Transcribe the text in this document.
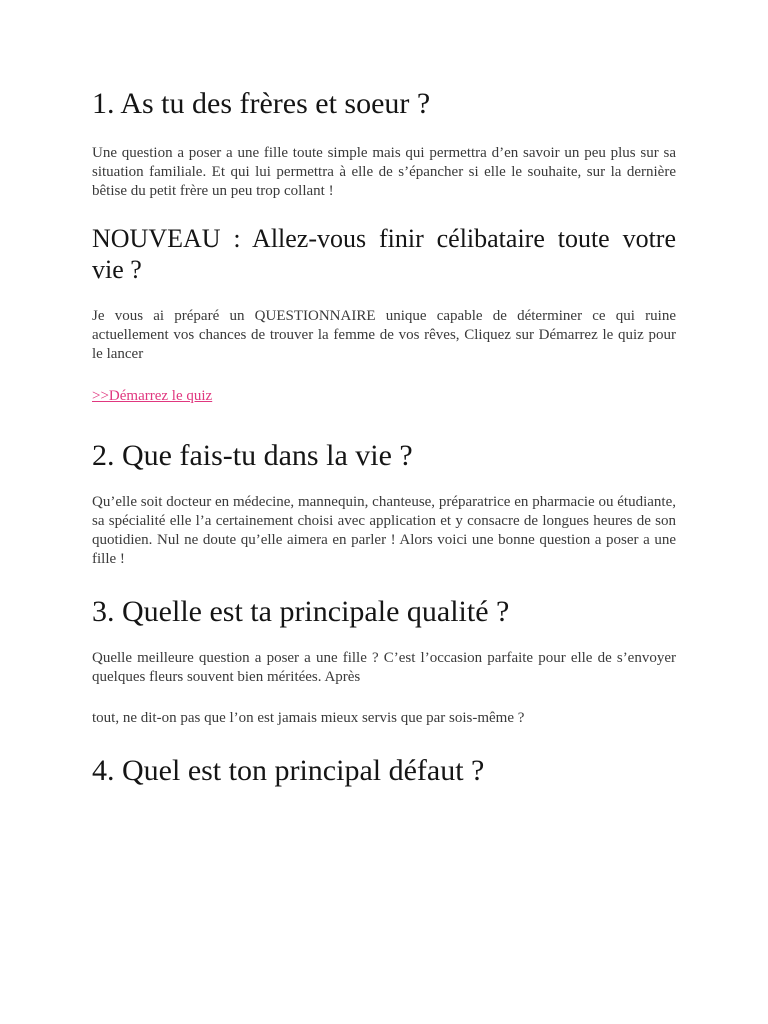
1. As tu des frères et soeur ?

Une question a poser a une fille toute simple mais qui permettra d’en savoir un peu plus sur sa situation familiale. Et qui lui permettra à elle de s’épancher si elle le souhaite, sur la dernière bêtise du petit frère un peu trop collant !

NOUVEAU : Allez-vous finir célibataire toute votre vie ?

Je vous ai préparé un QUESTIONNAIRE unique capable de déterminer ce qui ruine actuellement vos chances de trouver la femme de vos rêves, Cliquez sur Démarrez le quiz pour le lancer

>>Démarrez le quiz
2. Que fais-tu dans la vie ?

Qu’elle soit docteur en médecine, mannequin, chanteuse, préparatrice en pharmacie ou étudiante, sa spécialité elle l’a certainement choisi avec application et y consacre de longues heures de son quotidien. Nul ne doute qu’elle aimera en parler ! Alors voici une bonne question a poser a une fille !

3. Quelle est ta principale qualité ?

Quelle meilleure question a poser a une fille ? C’est l’occasion parfaite pour elle de s’envoyer quelques fleurs souvent bien méritées. Après

tout, ne dit-on pas que l’on est jamais mieux servis que par sois-même ?

4. Quel est ton principal défaut ?
